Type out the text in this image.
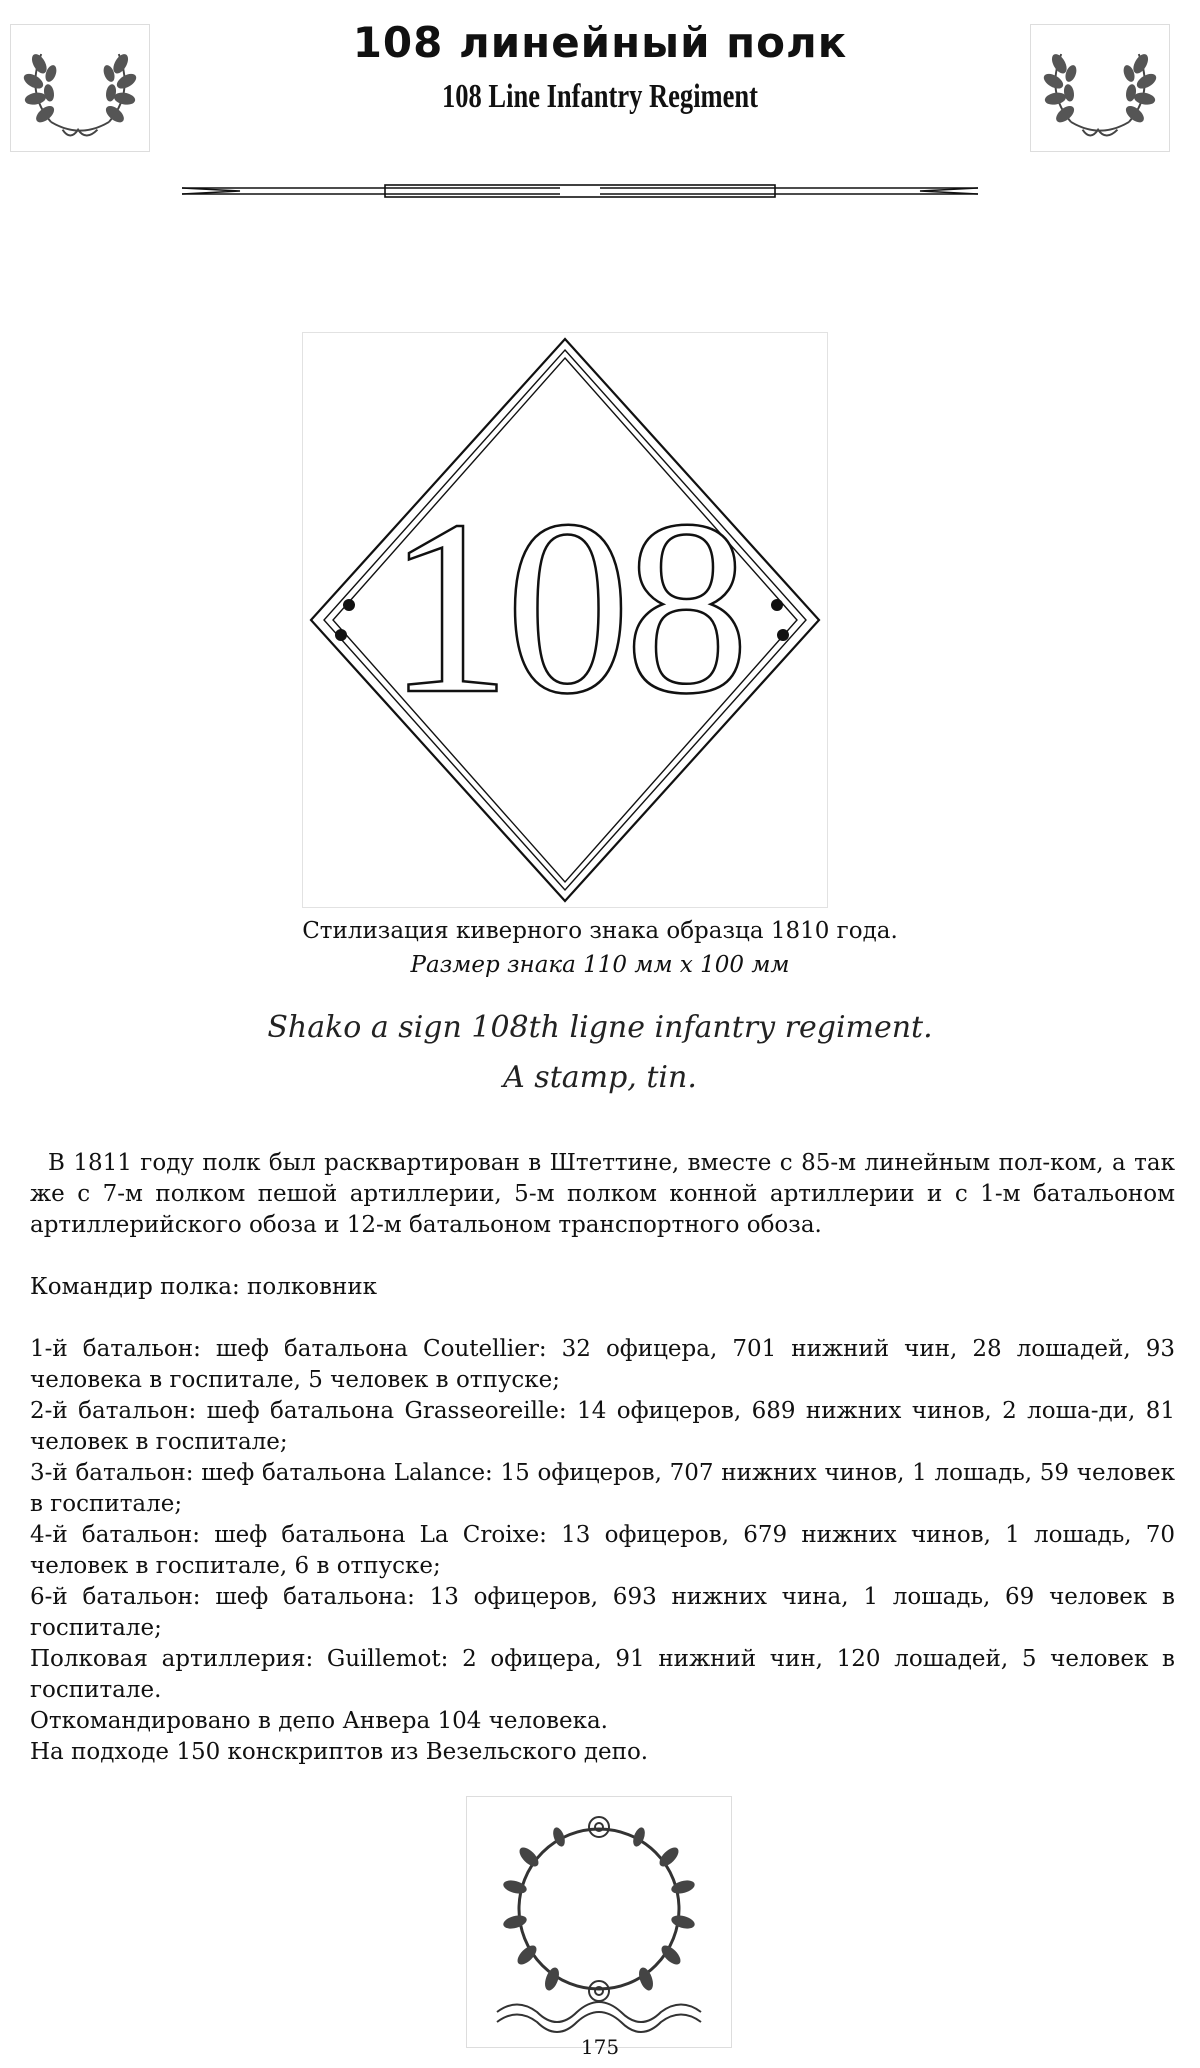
108 линейный полк
108 Line Infantry Regiment
108
Стилизация киверного знака образца 1810 года.
Размер знака 110 мм х 100 мм
Shako a sign 108th ligne infantry regiment.
A stamp, tin.

В 1811 году полк был расквартирован в Штеттине, вместе с 85-м линейным пол-ком, а так же с 7-м полком пешой артиллерии, 5-м полком конной артиллерии и с 1-м батальоном артиллерийского обоза и 12-м батальоном транспортного обоза.

Командир полка: полковник

1-й батальон: шеф батальона Coutellier: 32 офицера, 701 нижний чин, 28 лошадей, 93 человека в госпитале, 5 человек в отпуске;

2-й батальон: шеф батальона Grasseoreille: 14 офицеров, 689 нижних чинов, 2 лоша-ди, 81 человек в госпитале;

3-й батальон: шеф батальона Lalance: 15 офицеров, 707 нижних чинов, 1 лошадь, 59 человек в госпитале;

4-й батальон: шеф батальона La Croixe: 13 офицеров, 679 нижних чинов, 1 лошадь, 70 человек в госпитале, 6 в отпуске;

6-й батальон: шеф батальона: 13 офицеров, 693 нижних чина, 1 лошадь, 69 человек в госпитале;

Полковая артиллерия: Guillemot: 2 офицера, 91 нижний чин, 120 лошадей, 5 человек в госпитале.

Откомандировано в депо Анвера 104 человека.

На подходе 150 конскриптов из Везельского депо.

175
